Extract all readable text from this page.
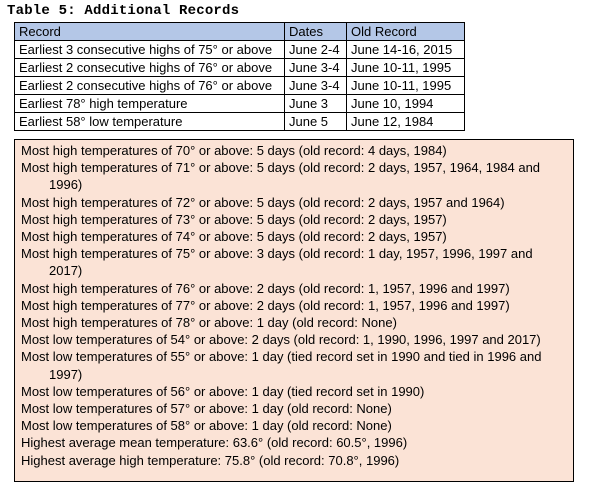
Table 5: Additional Records
Record	Dates	Old Record
Earliest 3 consecutive highs of 75° or above	June 2-4	June 14-16, 2015
Earliest 2 consecutive highs of 76° or above	June 3-4	June 10-11, 1995
Earliest 2 consecutive highs of 76° or above	June 3-4	June 10-11, 1995
Earliest 78° high temperature	June 3	June 10, 1994
Earliest 58° low temperature	June 5	June 12, 1984
Most high temperatures of 70° or above: 5 days (old record: 4 days, 1984)
Most high temperatures of 71° or above: 5 days (old record: 2 days, 1957, 1964, 1984 and 1996)
Most high temperatures of 72° or above: 5 days (old record: 2 days, 1957 and 1964)
Most high temperatures of 73° or above: 5 days (old record: 2 days, 1957)
Most high temperatures of 74° or above: 5 days (old record: 2 days, 1957)
Most high temperatures of 75° or above: 3 days (old record: 1 day, 1957, 1996, 1997 and 2017)
Most high temperatures of 76° or above: 2 days (old record: 1, 1957, 1996 and 1997)
Most high temperatures of 77° or above: 2 days (old record: 1, 1957, 1996 and 1997)
Most high temperatures of 78° or above: 1 day (old record: None)
Most low temperatures of 54° or above: 2 days (old record: 1, 1990, 1996, 1997 and 2017)
Most low temperatures of 55° or above: 1 day (tied record set in 1990 and tied in 1996 and 1997)
Most low temperatures of 56° or above: 1 day (tied record set in 1990)
Most low temperatures of 57° or above: 1 day (old record: None)
Most low temperatures of 58° or above: 1 day (old record: None)
Highest average mean temperature: 63.6° (old record: 60.5°, 1996)
Highest average high temperature: 75.8° (old record: 70.8°, 1996)
